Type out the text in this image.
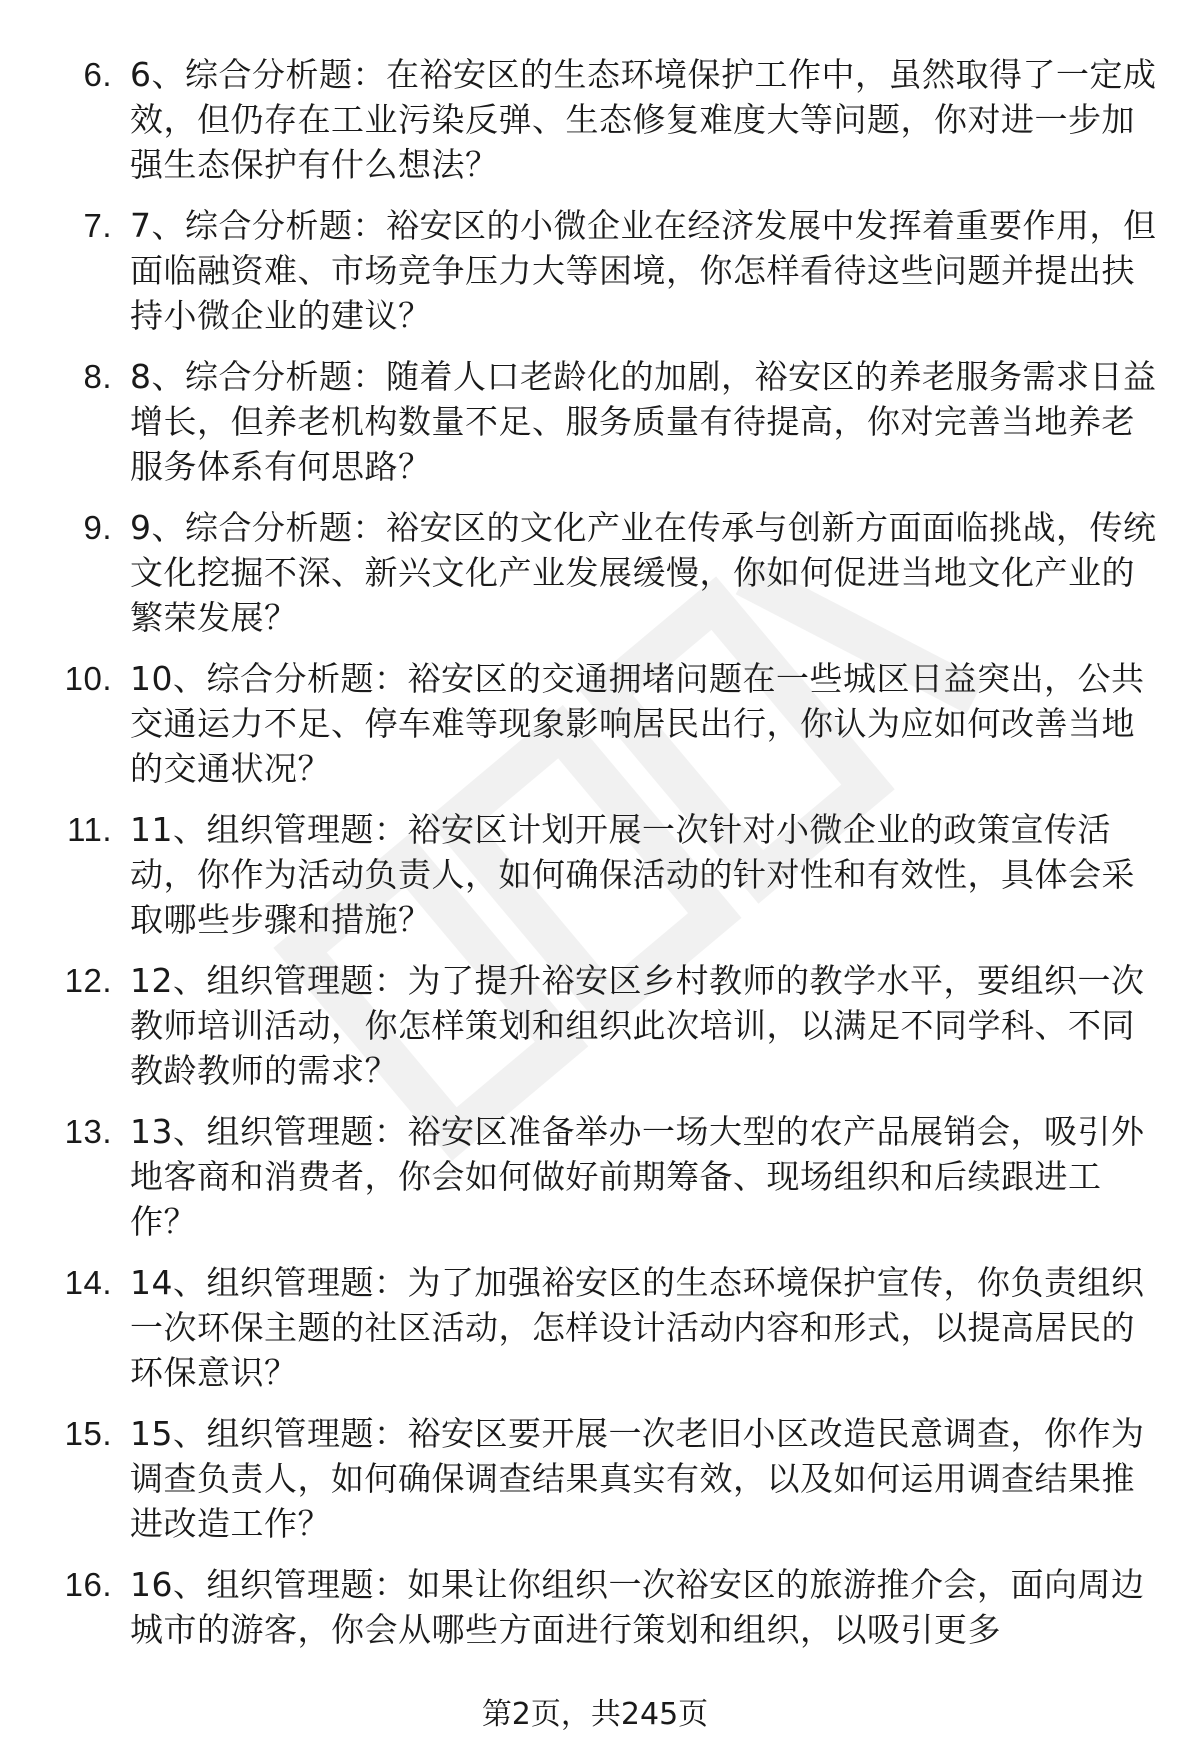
6. 6、综合分析题：在裕安区的生态环境保护工作中，虽然取得了一定成效，但仍存在工业污染反弹、生态修复难度大等问题，你对进一步加强生态保护有什么想法？
7. 7、综合分析题：裕安区的小微企业在经济发展中发挥着重要作用，但面临融资难、市场竞争压力大等困境，你怎样看待这些问题并提出扶持小微企业的建议？
8. 8、综合分析题：随着人口老龄化的加剧，裕安区的养老服务需求日益增长，但养老机构数量不足、服务质量有待提高，你对完善当地养老服务体系有何思路？
9. 9、综合分析题：裕安区的文化产业在传承与创新方面面临挑战，传统文化挖掘不深、新兴文化产业发展缓慢，你如何促进当地文化产业的繁荣发展？
10. 10、综合分析题：裕安区的交通拥堵问题在一些城区日益突出，公共交通运力不足、停车难等现象影响居民出行，你认为应如何改善当地的交通状况？
11. 11、组织管理题：裕安区计划开展一次针对小微企业的政策宣传活动，你作为活动负责人，如何确保活动的针对性和有效性，具体会采取哪些步骤和措施？
12. 12、组织管理题：为了提升裕安区乡村教师的教学水平，要组织一次教师培训活动，你怎样策划和组织此次培训，以满足不同学科、不同教龄教师的需求？
13. 13、组织管理题：裕安区准备举办一场大型的农产品展销会，吸引外地客商和消费者，你会如何做好前期筹备、现场组织和后续跟进工作？
14. 14、组织管理题：为了加强裕安区的生态环境保护宣传，你负责组织一次环保主题的社区活动，怎样设计活动内容和形式，以提高居民的环保意识？
15. 15、组织管理题：裕安区要开展一次老旧小区改造民意调查，你作为调查负责人，如何确保调查结果真实有效，以及如何运用调查结果推进改造工作？
16. 16、组织管理题：如果让你组织一次裕安区的旅游推介会，面向周边城市的游客，你会从哪些方面进行策划和组织，以吸引更多
第2页，共245页
